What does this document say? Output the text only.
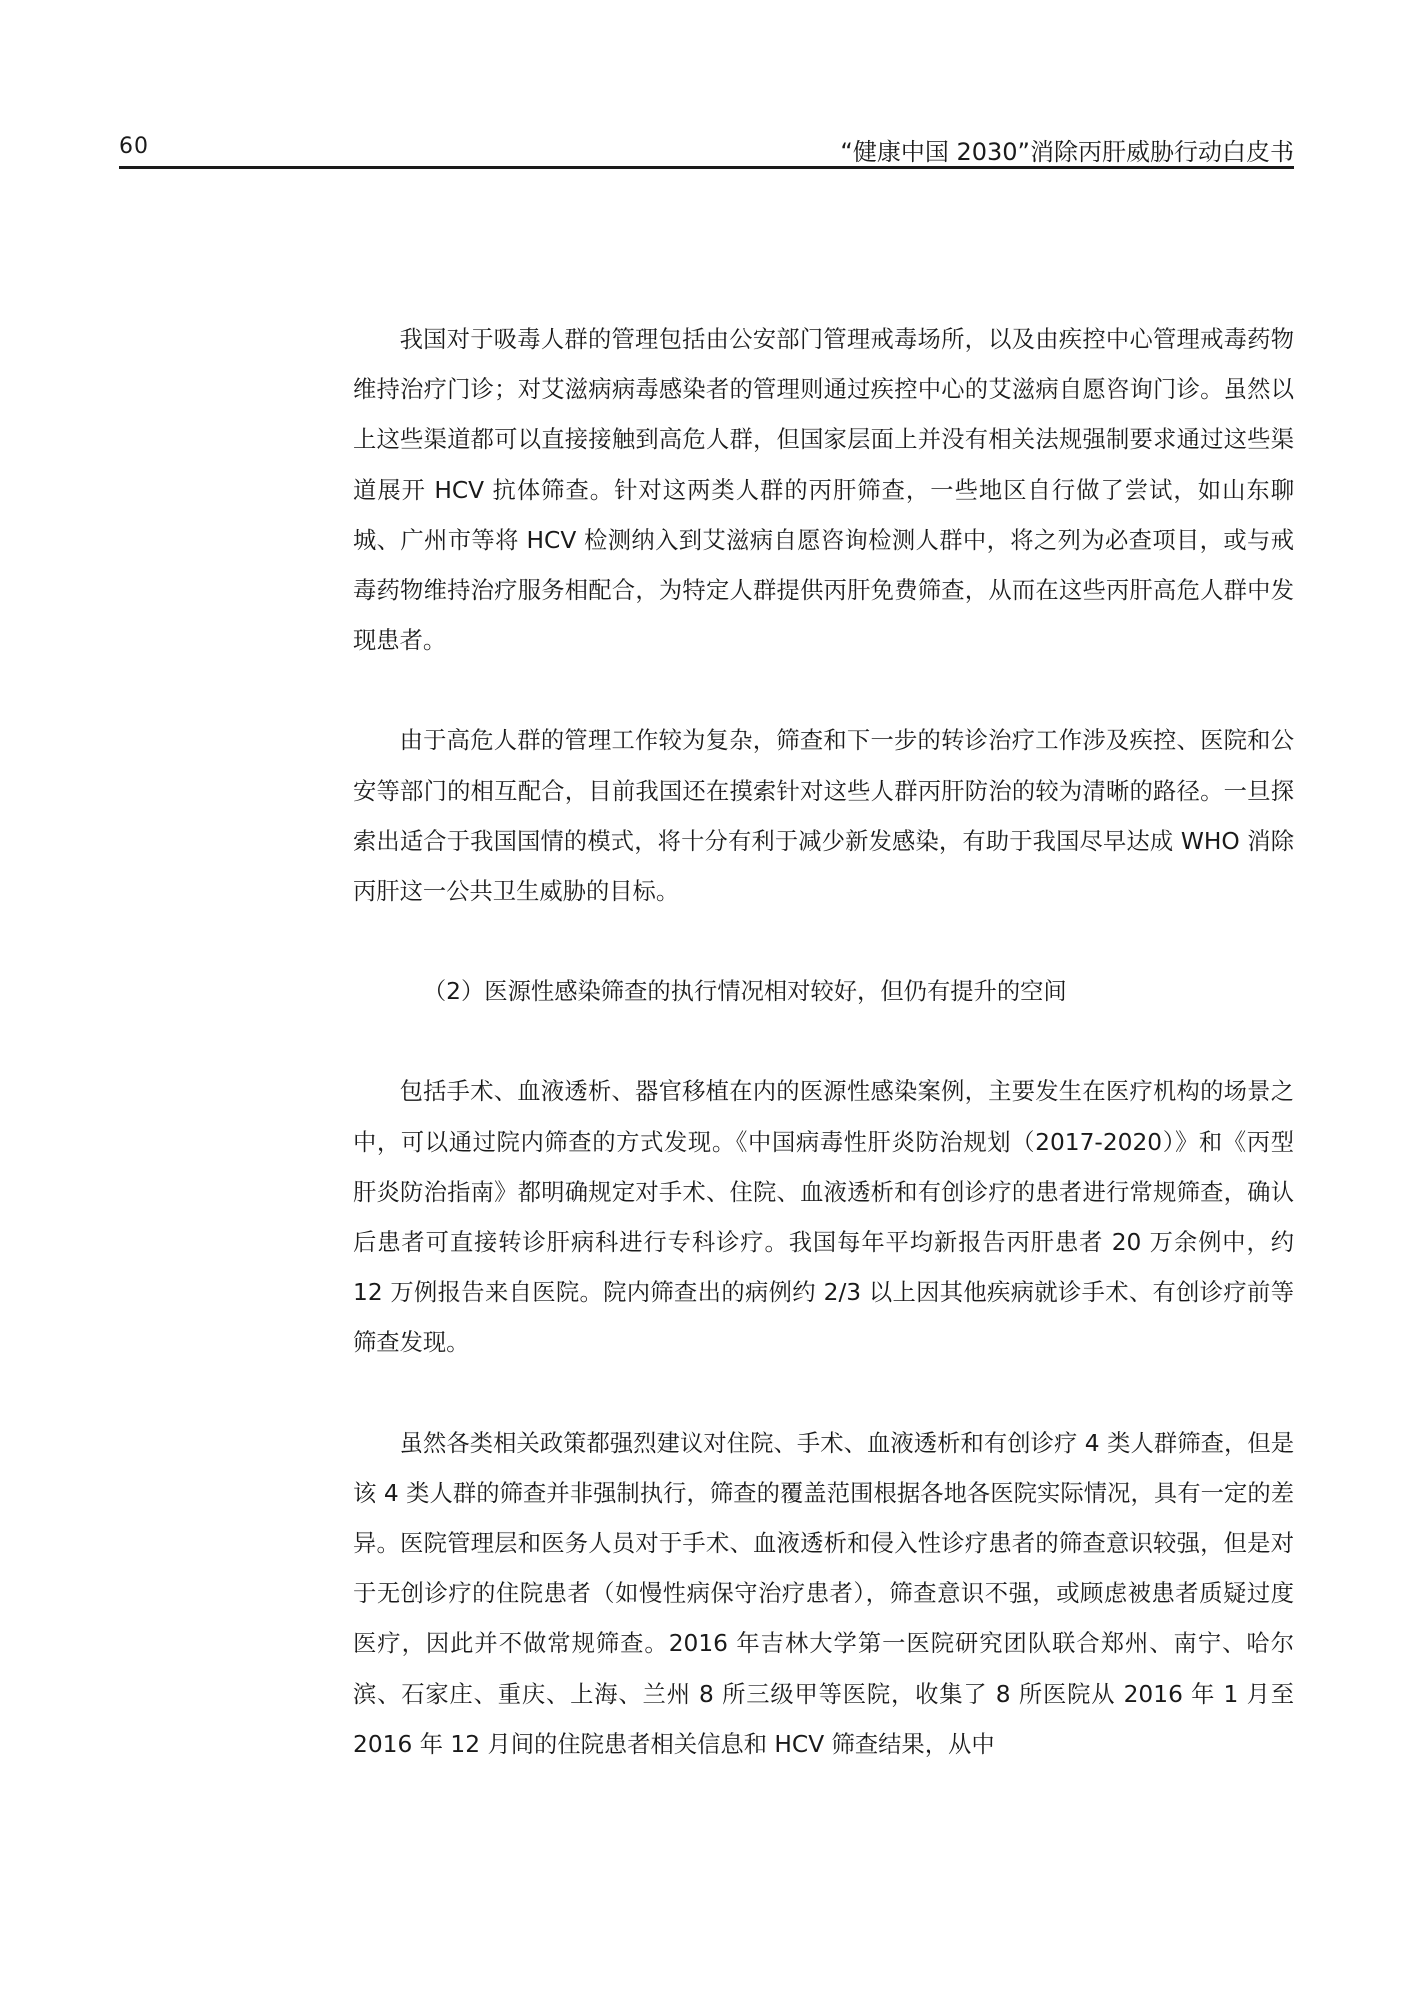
60	“健康中国 2030”消除丙肝威胁行动白皮书

我国对于吸毒人群的管理包括由公安部门管理戒毒场所，以及由疾控中心管理戒毒药物维持治疗门诊；对艾滋病病毒感染者的管理则通过疾控中心的艾滋病自愿咨询门诊。虽然以上这些渠道都可以直接接触到高危人群，但国家层面上并没有相关法规强制要求通过这些渠道展开 HCV 抗体筛查。针对这两类人群的丙肝筛查，一些地区自行做了尝试，如山东聊城、广州市等将 HCV 检测纳入到艾滋病自愿咨询检测人群中，将之列为必查项目，或与戒毒药物维持治疗服务相配合，为特定人群提供丙肝免费筛查，从而在这些丙肝高危人群中发现患者。

由于高危人群的管理工作较为复杂，筛查和下一步的转诊治疗工作涉及疾控、医院和公安等部门的相互配合，目前我国还在摸索针对这些人群丙肝防治的较为清晰的路径。一旦探索出适合于我国国情的模式，将十分有利于减少新发感染，有助于我国尽早达成 WHO 消除丙肝这一公共卫生威胁的目标。

（2）医源性感染筛查的执行情况相对较好，但仍有提升的空间

包括手术、血液透析、器官移植在内的医源性感染案例，主要发生在医疗机构的场景之中，可以通过院内筛查的方式发现。《中国病毒性肝炎防治规划（2017-2020）》和《丙型肝炎防治指南》都明确规定对手术、住院、血液透析和有创诊疗的患者进行常规筛查，确认后患者可直接转诊肝病科进行专科诊疗。我国每年平均新报告丙肝患者 20 万余例中，约 12 万例报告来自医院。院内筛查出的病例约 2/3 以上因其他疾病就诊手术、有创诊疗前等筛查发现。

虽然各类相关政策都强烈建议对住院、手术、血液透析和有创诊疗 4 类人群筛查，但是该 4 类人群的筛查并非强制执行，筛查的覆盖范围根据各地各医院实际情况，具有一定的差异。医院管理层和医务人员对于手术、血液透析和侵入性诊疗患者的筛查意识较强，但是对于无创诊疗的住院患者（如慢性病保守治疗患者），筛查意识不强，或顾虑被患者质疑过度医疗，因此并不做常规筛查。2016 年吉林大学第一医院研究团队联合郑州、南宁、哈尔滨、石家庄、重庆、上海、兰州 8 所三级甲等医院，收集了 8 所医院从 2016 年 1 月至 2016 年 12 月间的住院患者相关信息和 HCV 筛查结果，从中
